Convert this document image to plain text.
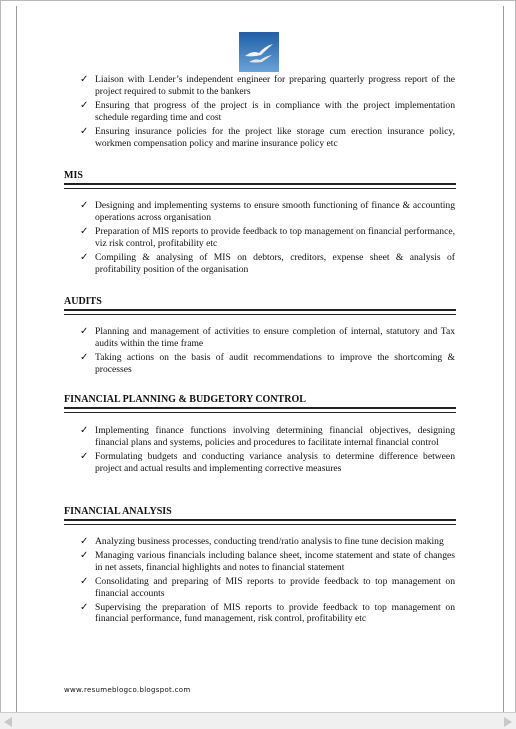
✓ Liaison with Lender’s independent engineer for preparing quarterly progress report of the project required to submit to the bankers
✓ Ensuring that progress of the project is in compliance with the project implementation schedule regarding time and cost
✓ Ensuring insurance policies for the project like storage cum erection insurance policy, workmen compensation policy and marine insurance policy etc
MIS
✓ Designing and implementing systems to ensure smooth functioning of finance & accounting operations across organisation
✓ Preparation of MIS reports to provide feedback to top management on financial performance, viz risk control, profitability etc
✓ Compiling & analysing of MIS on debtors, creditors, expense sheet & analysis of profitability position of the organisation
AUDITS
✓ Planning and management of activities to ensure completion of internal, statutory and Tax audits within the time frame
✓ Taking actions on the basis of audit recommendations to improve the shortcoming & processes
FINANCIAL PLANNING & BUDGETORY CONTROL
✓ Implementing finance functions involving determining financial objectives, designing financial plans and systems, policies and procedures to facilitate internal financial control
✓ Formulating budgets and conducting variance analysis to determine difference between project and actual results and implementing corrective measures
FINANCIAL ANALYSIS
✓ Analyzing business processes, conducting trend/ratio analysis to fine tune decision making
✓ Managing various financials including balance sheet, income statement and state of changes in net assets, financial highlights and notes to financial statement
✓ Consolidating and preparing of MIS reports to provide feedback to top management on financial accounts
✓ Supervising the preparation of MIS reports to provide feedback to top management on financial performance, fund management, risk control, profitability etc
www.resumeblogco.blogspot.com
